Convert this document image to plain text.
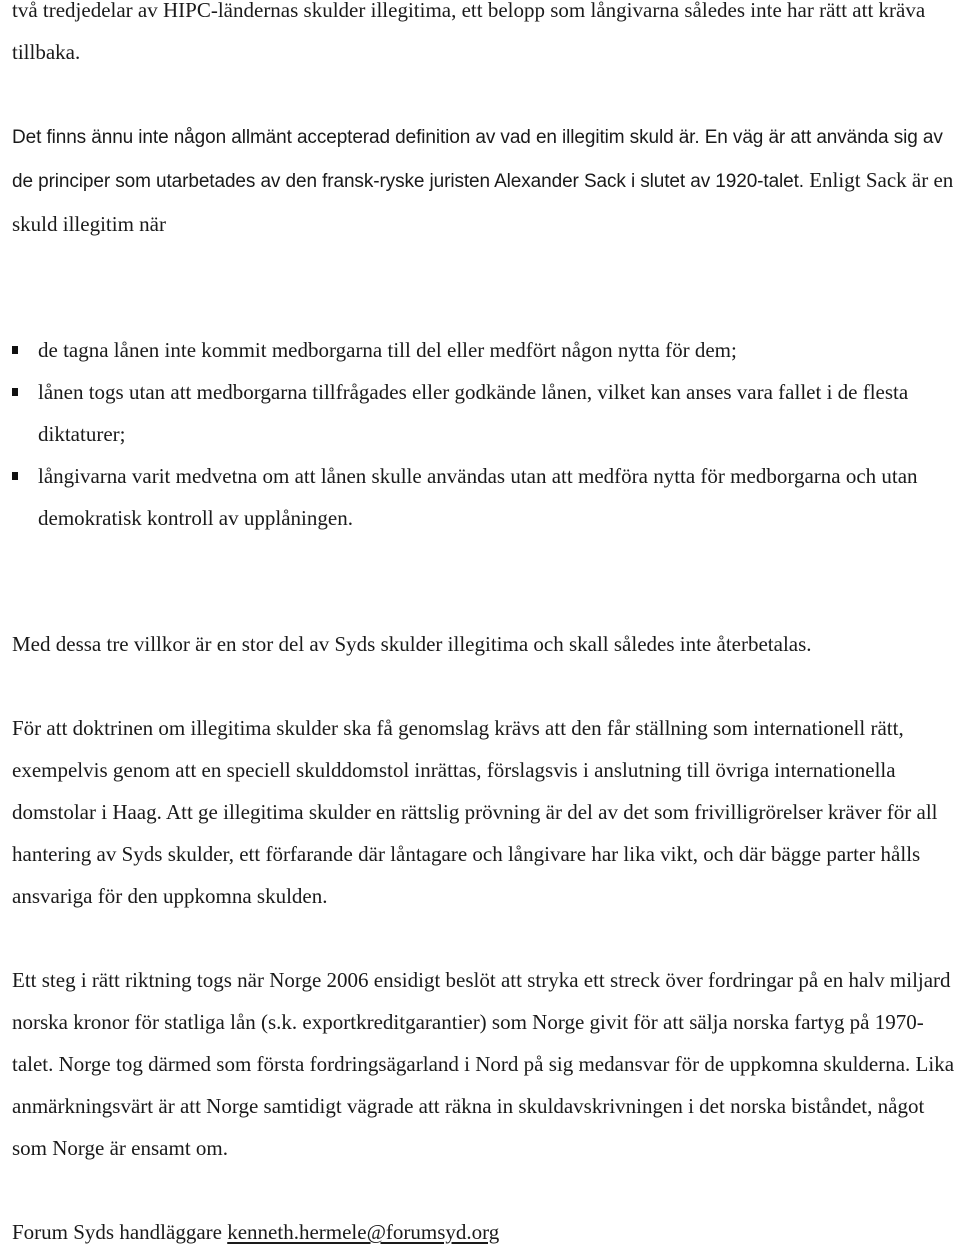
två tredjedelar av HIPC-ländernas skulder illegitima, ett belopp som långivarna således inte har rätt att kräva tillbaka.

Det finns ännu inte någon allmänt accepterad definition av vad en illegitim skuld är. En väg är att använda sig av de principer som utarbetades av den fransk-ryske juristen Alexander Sack i slutet av 1920-talet. Enligt Sack är en skuld illegitim när

de tagna lånen inte kommit medborgarna till del eller medfört någon nytta för dem;
lånen togs utan att medborgarna tillfrågades eller godkände lånen, vilket kan anses vara fallet i de flesta diktaturer;
långivarna varit medvetna om att lånen skulle användas utan att medföra nytta för medborgarna och utan demokratisk kontroll av upplåningen.

Med dessa tre villkor är en stor del av Syds skulder illegitima och skall således inte återbetalas.

För att doktrinen om illegitima skulder ska få genomslag krävs att den får ställning som internationell rätt, exempelvis genom att en speciell skulddomstol inrättas, förslagsvis i anslutning till övriga internationella domstolar i Haag. Att ge illegitima skulder en rättslig prövning är del av det som frivilligrörelser kräver för all hantering av Syds skulder, ett förfarande där låntagare och långivare har lika vikt, och där bägge parter hålls ansvariga för den uppkomna skulden.

Ett steg i rätt riktning togs när Norge 2006 ensidigt beslöt att stryka ett streck över fordringar på en halv miljard norska kronor för statliga lån (s.k. exportkreditgarantier) som Norge givit för att sälja norska fartyg på 1970-talet. Norge tog därmed som första fordringsägarland i Nord på sig medansvar för de uppkomna skulderna. Lika anmärkningsvärt är att Norge samtidigt vägrade att räkna in skuldavskrivningen i det norska biståndet, något som Norge är ensamt om.

Forum Syds handläggare kenneth.hermele@forumsyd.org
